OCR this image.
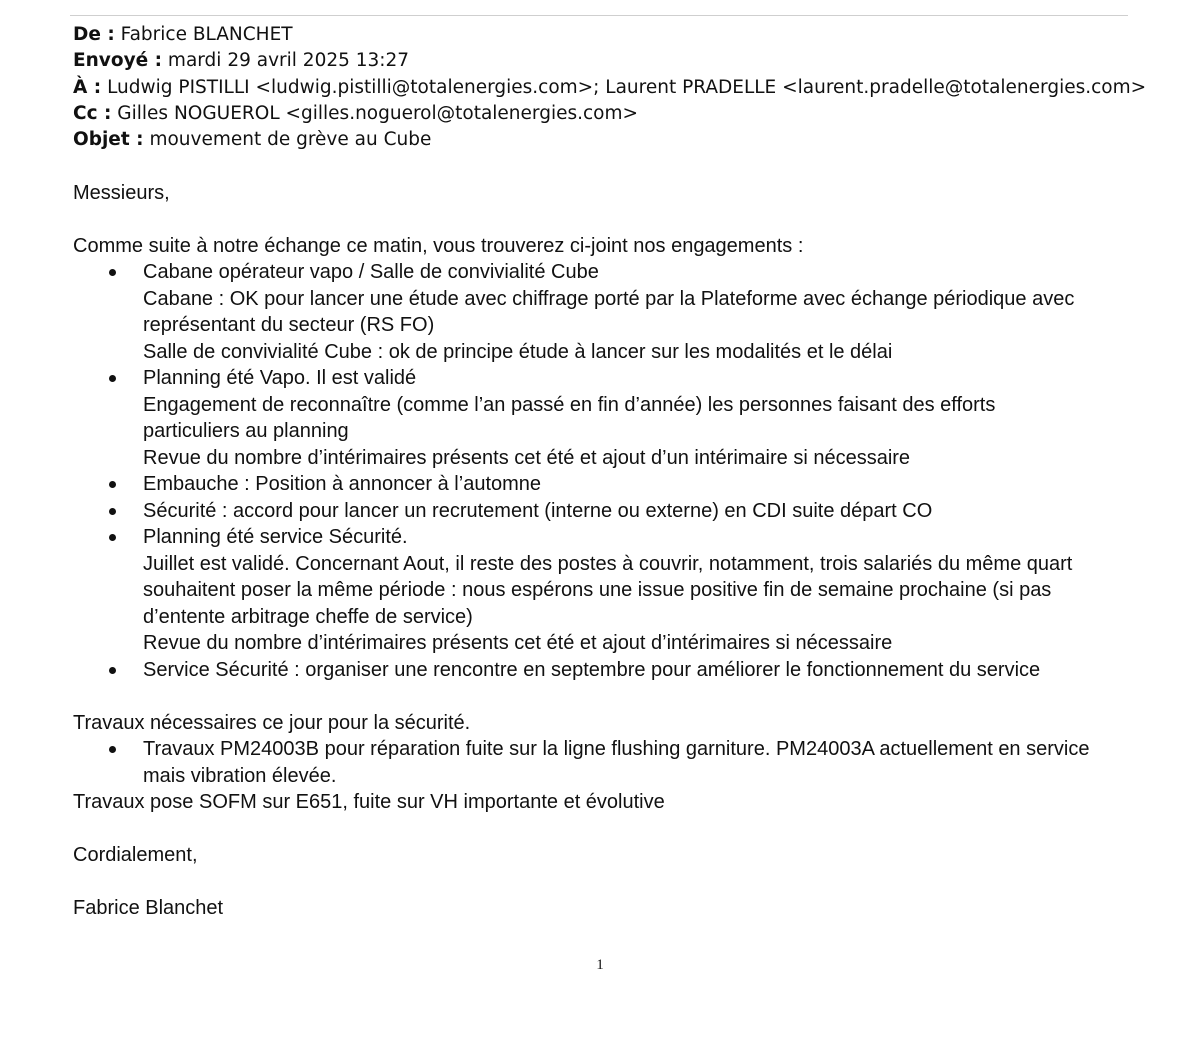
De : Fabrice BLANCHET
Envoyé : mardi 29 avril 2025 13:27
À : Ludwig PISTILLI <ludwig.pistilli@totalenergies.com>; Laurent PRADELLE <laurent.pradelle@totalenergies.com>
Cc : Gilles NOGUEROL <gilles.noguerol@totalenergies.com>
Objet : mouvement de grève au Cube

Messieurs,

Comme suite à notre échange ce matin, vous trouverez ci-joint nos engagements :

Cabane opérateur vapo / Salle de convivialité Cube
Cabane : OK pour lancer une étude avec chiffrage porté par la Plateforme avec échange périodique avec
représentant du secteur (RS FO)
Salle de convivialité Cube : ok de principe étude à lancer sur les modalités et le délai
Planning été Vapo. Il est validé
Engagement de reconnaître (comme l’an passé en fin d’année) les personnes faisant des efforts
particuliers au planning
Revue du nombre d’intérimaires présents cet été et ajout d’un intérimaire si nécessaire
Embauche : Position à annoncer à l’automne
Sécurité : accord pour lancer un recrutement (interne ou externe) en CDI suite départ CO
Planning été service Sécurité.
Juillet est validé. Concernant Aout, il reste des postes à couvrir, notamment, trois salariés du même quart
souhaitent poser la même période : nous espérons une issue positive fin de semaine prochaine (si pas
d’entente arbitrage cheffe de service)
Revue du nombre d’intérimaires présents cet été et ajout d’intérimaires si nécessaire
Service Sécurité : organiser une rencontre en septembre pour améliorer le fonctionnement du service

Travaux nécessaires ce jour pour la sécurité.

Travaux PM24003B pour réparation fuite sur la ligne flushing garniture. PM24003A actuellement en service
mais vibration élevée.

Travaux pose SOFM sur E651, fuite sur VH importante et évolutive

Cordialement,

Fabrice Blanchet

1
